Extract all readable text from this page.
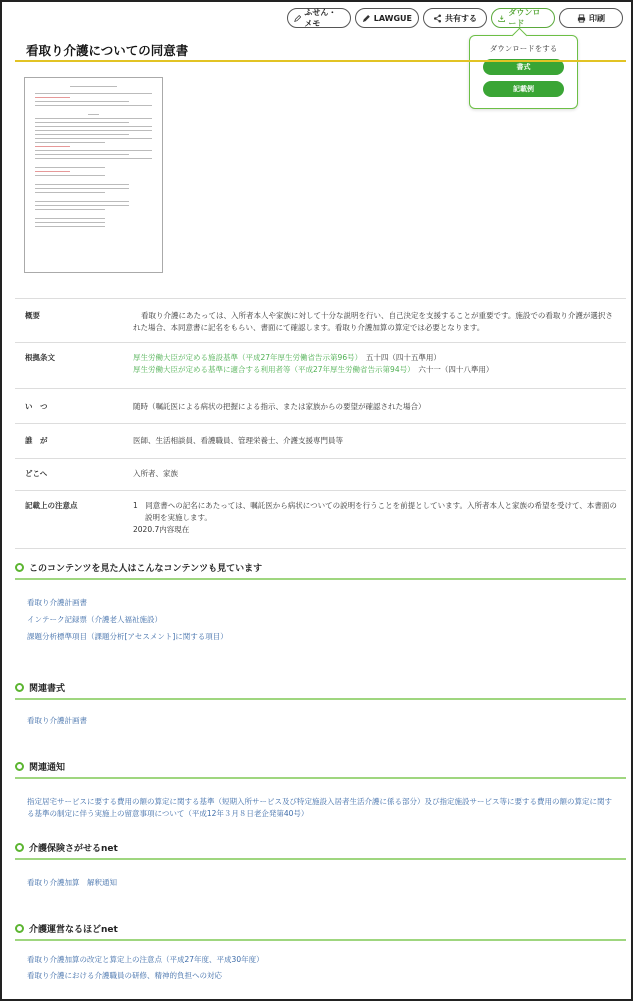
ふせん・メモ
LAWGUE	共有する
ダウンロード
印刷
ダウンロードをする
書式
記載例
看取り介護についての同意書
概要	看取り介護にあたっては、入所者本人や家族に対して十分な説明を行い、自己決定を支援することが重要です。施設での看取り介護が選択された場合、本同意書に記名をもらい、書面にて確認します。看取り介護加算の算定では必要となります。
根拠条文	厚生労働大臣が定める施設基準（平成27年厚生労働省告示第96号）　 五十四（四十五準用）
厚生労働大臣が定める基準に適合する利用者等（平成27年厚生労働省告示第94号）　 六十一（四十八準用）
い　つ	随時（嘱託医による病状の把握による指示、または家族からの要望が確認された場合）
誰　が	医師、生活相談員、看護職員、管理栄養士、介護支援専門員等
どこへ	入所者、家族
記載上の注意点	1　同意書への記名にあたっては、嘱託医から病状についての説明を行うことを前提としています。入所者本人と家族の希望を受けて、本書面の説明を実施します。
2020.7内容現在
このコンテンツを見た人はこんなコンテンツも見ています
看取り介護計画書
インテーク記録票（介護老人福祉施設）
課題分析標準項目（課題分析[アセスメント]に関する項目）
関連書式
看取り介護計画書
関連通知
指定居宅サービスに要する費用の額の算定に関する基準（短期入所サービス及び特定施設入居者生活介護に係る部分）及び指定施設サービス等に要する費用の額の算定に関する基準の制定に伴う実施上の留意事項について（平成12年３月８日老企発第40号）
介護保険さがせるnet
看取り介護加算　解釈通知
介護運営なるほどnet
看取り介護加算の改定と算定上の注意点（平成27年度、平成30年度）
看取り介護における介護職員の研修、精神的負担への対応
